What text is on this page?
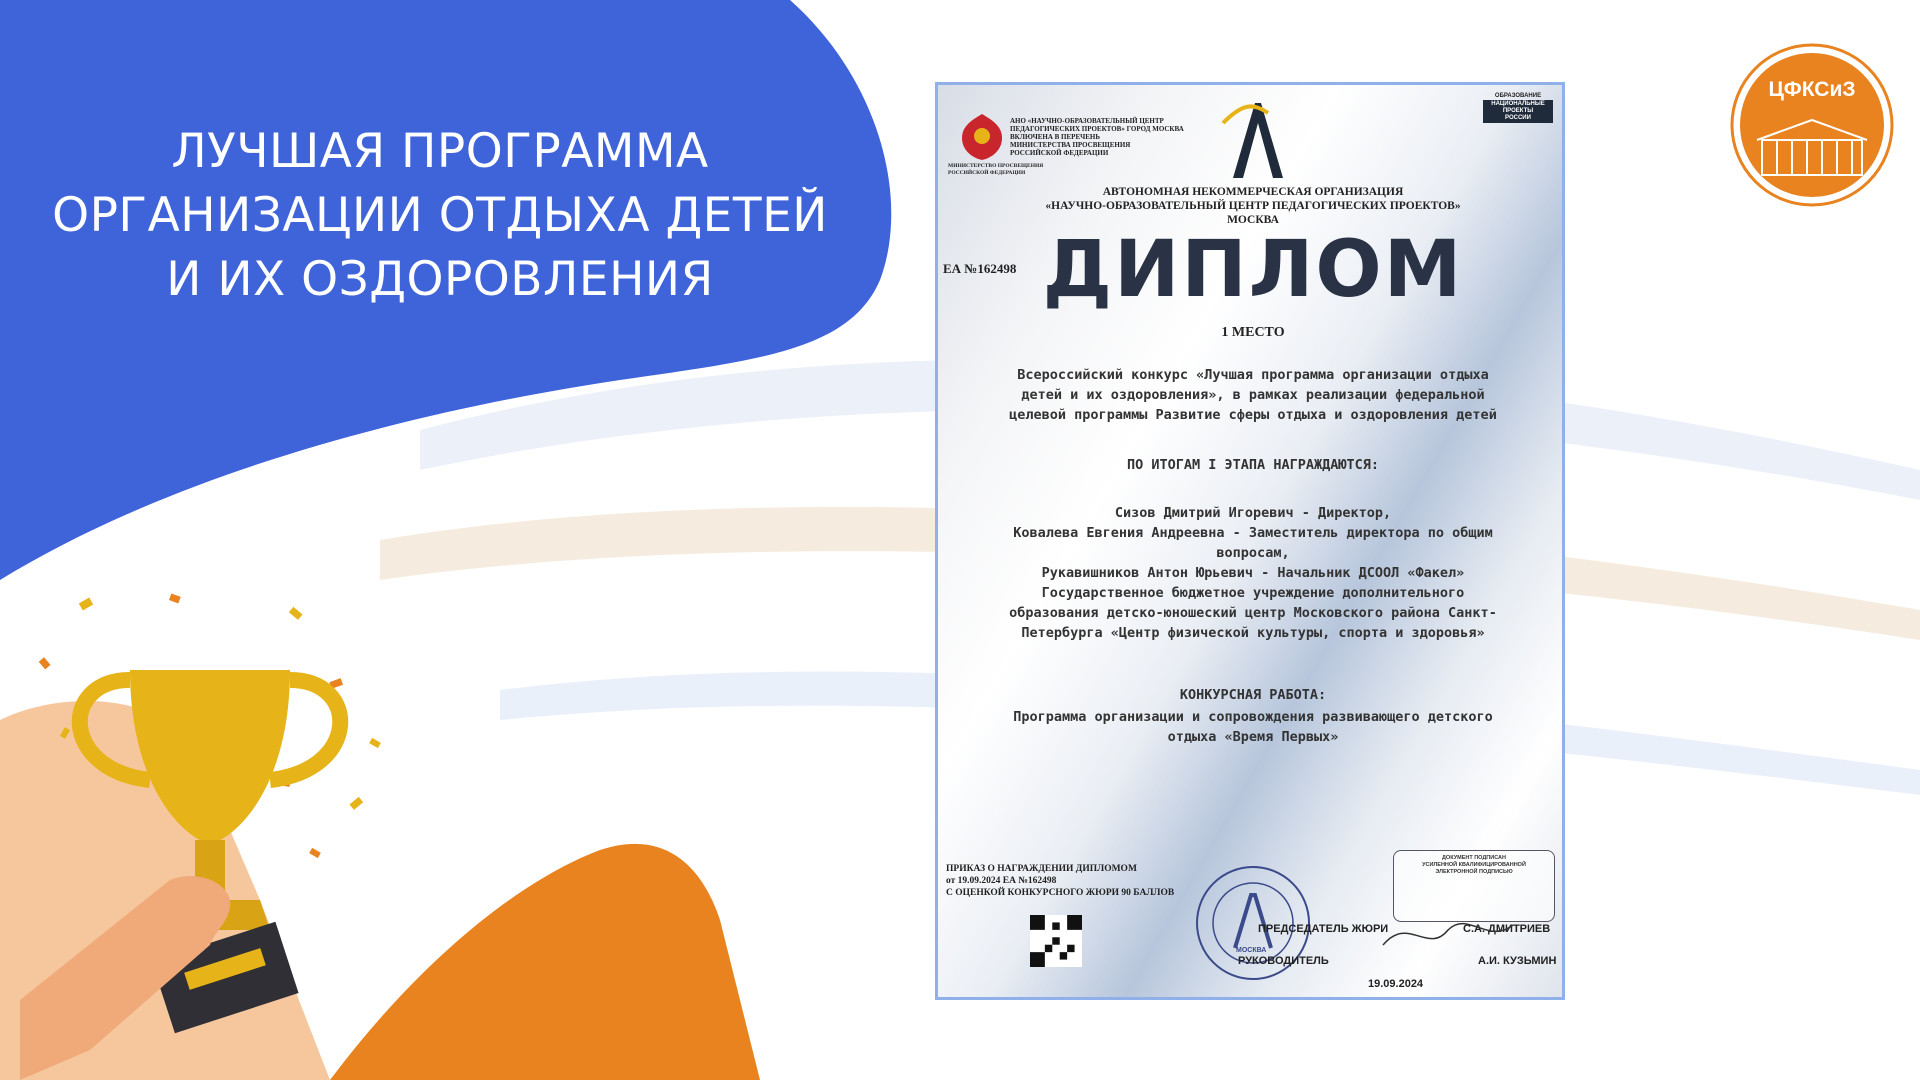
ЛУЧШАЯ ПРОГРАММА
ОРГАНИЗАЦИИ ОТДЫХА ДЕТЕЙ
И ИХ ОЗДОРОВЛЕНИЯ
ЦФКСиЗ
АНО «НАУЧНО-ОБРАЗОВАТЕЛЬНЫЙ ЦЕНТР
ПЕДАГОГИЧЕСКИХ ПРОЕКТОВ» ГОРОД МОСКВА
ВКЛЮЧЕНА В ПЕРЕЧЕНЬ
МИНИСТЕРСТВА ПРОСВЕЩЕНИЯ
РОССИЙСКОЙ ФЕДЕРАЦИИ
МИНИСТЕРСТВО ПРОСВЕЩЕНИЯ
РОССИЙСКОЙ ФЕДЕРАЦИИ
ОБРАЗОВАНИЕ
НАЦИОНАЛЬНЫЕ
ПРОЕКТЫ
РОССИИ
АВТОНОМНАЯ НЕКОММЕРЧЕСКАЯ ОРГАНИЗАЦИЯ
«НАУЧНО-ОБРАЗОВАТЕЛЬНЫЙ ЦЕНТР ПЕДАГОГИЧЕСКИХ ПРОЕКТОВ»
МОСКВА
ЕА №162498 ДИПЛОМ
1 МЕСТО
Всероссийский конкурс «Лучшая программа организации отдыха
детей и их оздоровления», в рамках реализации федеральной
целевой программы Развитие сферы отдыха и оздоровления детей
ПО ИТОГАМ I ЭТАПА НАГРАЖДАЮТСЯ:
Сизов Дмитрий Игоревич - Директор,
Ковалева Евгения Андреевна - Заместитель директора по общим
вопросам,
Рукавишников Антон Юрьевич - Начальник ДСООЛ «Факел»
Государственное бюджетное учреждение дополнительного
образования детско-юношеский центр Московского района Санкт-
Петербурга «Центр физической культуры, спорта и здоровья»
КОНКУРСНАЯ РАБОТА:
Программа организации и сопровождения развивающего детского
отдыха «Время Первых»
ПРИКАЗ О НАГРАЖДЕНИИ ДИПЛОМОМ
от 19.09.2024 ЕА №162498
С ОЦЕНКОЙ КОНКУРСНОГО ЖЮРИ 90 БАЛЛОВ
МОСКВА
ДОКУМЕНТ ПОДПИСАН
УСИЛЕННОЙ КВАЛИФИЦИРОВАННОЙ
ЭЛЕКТРОННОЙ ПОДПИСЬЮ
ПРЕДСЕДАТЕЛЬ ЖЮРИ	С.А. ДМИТРИЕВ
РУКОВОДИТЕЛЬ	А.И. КУЗЬМИН
19.09.2024
